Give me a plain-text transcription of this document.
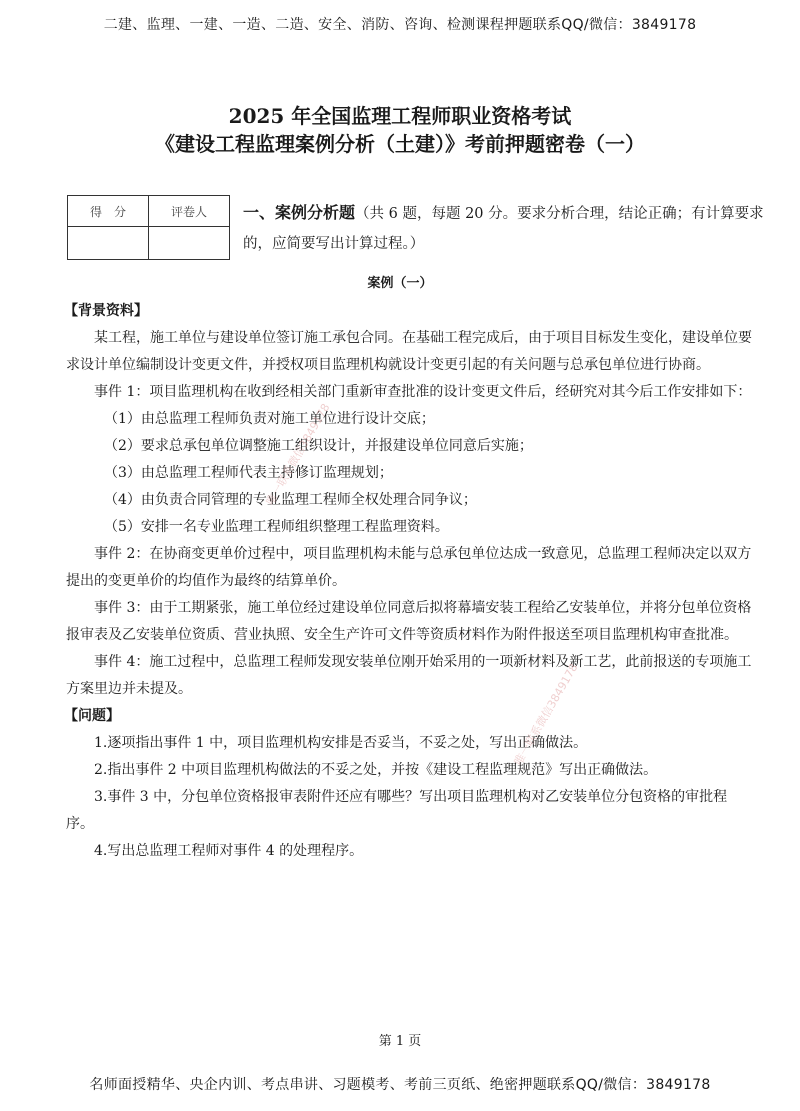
二建、监理、一建、一造、二造、安全、消防、咨询、检测课程押题联系QQ/微信：3849178
2025 年全国监理工程师职业资格考试
《建设工程监理案例分析（土建）》考前押题密卷（一）
得　分	评卷人
	一、案例分析题（共 6 题，每题 20 分。要求分析合理，结论正确；有计算要求的，应简要写出计算过程。）
案例（一）

【背景资料】

某工程，施工单位与建设单位签订施工承包合同。在基础工程完成后，由于项目目标发生变化，建设单位要求设计单位编制设计变更文件，并授权项目监理机构就设计变更引起的有关问题与总承包单位进行协商。

事件 1：项目监理机构在收到经相关部门重新审查批准的设计变更文件后，经研究对其今后工作安排如下：

（1）由总监理工程师负责对施工单位进行设计交底；

（2）要求总承包单位调整施工组织设计，并报建设单位同意后实施；

（3）由总监理工程师代表主持修订监理规划；

（4）由负责合同管理的专业监理工程师全权处理合同争议；

（5）安排一名专业监理工程师组织整理工程监理资料。

事件 2：在协商变更单价过程中，项目监理机构未能与总承包单位达成一致意见，总监理工程师决定以双方提出的变更单价的均值作为最终的结算单价。

事件 3：由于工期紧张，施工单位经过建设单位同意后拟将幕墙安装工程给乙安装单位，并将分包单位资格报审表及乙安装单位资质、营业执照、安全生产许可文件等资质材料作为附件报送至项目监理机构审查批准。

事件 4：施工过程中，总监理工程师发现安装单位刚开始采用的一项新材料及新工艺，此前报送的专项施工方案里边并未提及。

【问题】

1.逐项指出事件 1 中，项目监理机构安排是否妥当，不妥之处，写出正确做法。

2.指出事件 2 中项目监理机构做法的不妥之处，并按《建设工程监理规范》写出正确做法。

3.事件 3 中，分包单位资格报审表附件还应有哪些？写出项目监理机构对乙安装单位分包资格的审批程序。

4.写出总监理工程师对事件 4 的处理程序。

唯一联系微信3849178
唯一联系微信3849178
第 1 页
名师面授精华、央企内训、考点串讲、习题模考、考前三页纸、绝密押题联系QQ/微信：3849178
